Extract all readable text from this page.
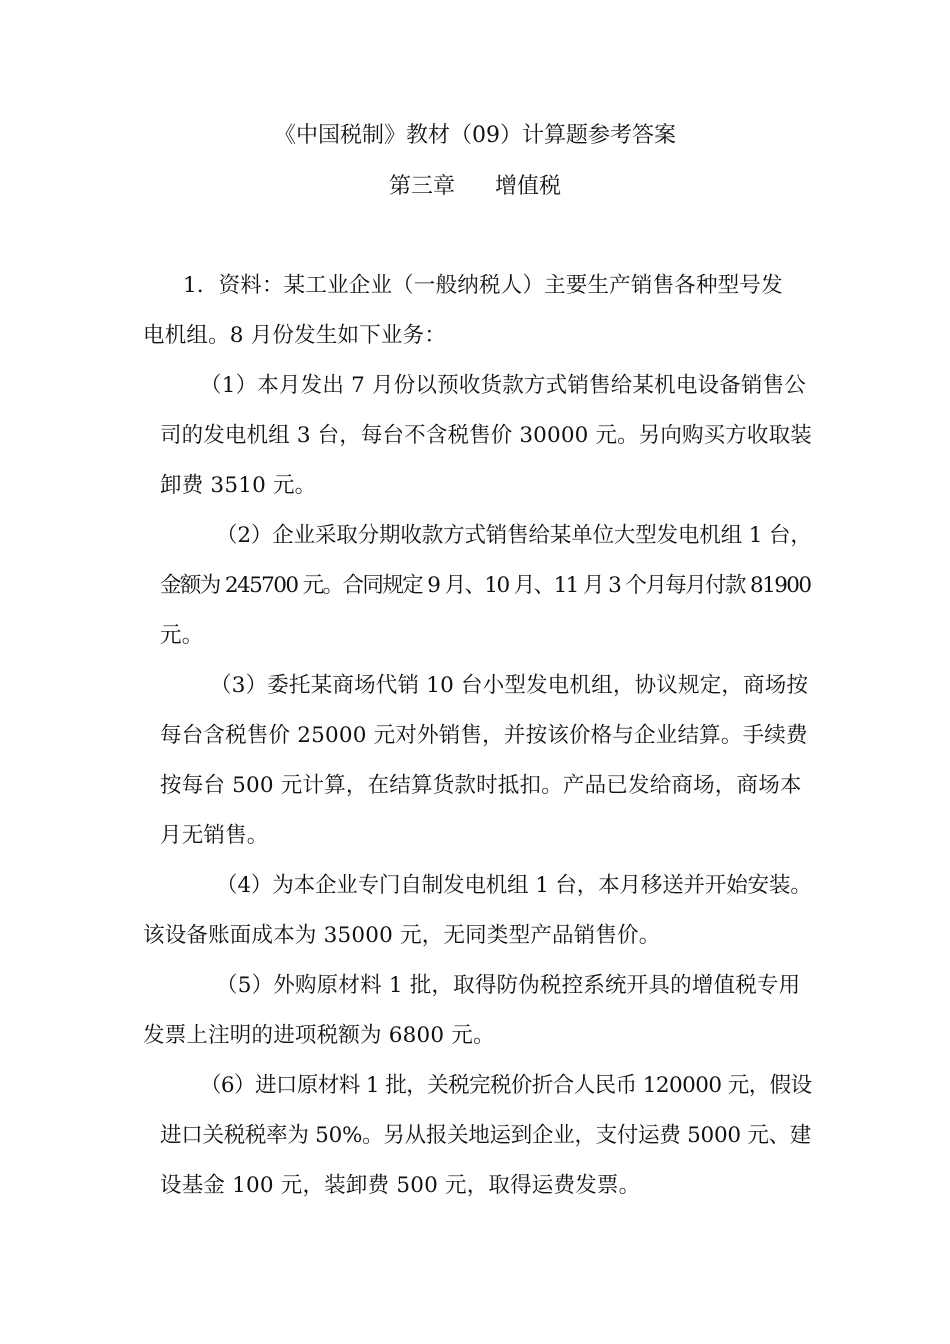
《中国税制》教材（09）计算题参考答案
第三章 增值税
1．资料：某工业企业（一般纳税人）主要生产销售各种型号发
电机组。8 月份发生如下业务：
（1）本月发出 7 月份以预收货款方式销售给某机电设备销售公
司的发电机组 3 台，每台不含税售价 30000 元。另向购买方收取装
卸费 3510 元。
（2）企业采取分期收款方式销售给某单位大型发电机组 1 台，
金额为 245700 元。合同规定 9 月、10 月、11 月 3 个月每月付款 81900
元。
（3）委托某商场代销 10 台小型发电机组，协议规定，商场按
每台含税售价 25000 元对外销售，并按该价格与企业结算。手续费
按每台 500 元计算，在结算货款时抵扣。产品已发给商场，商场本
月无销售。
（4）为本企业专门自制发电机组 1 台，本月移送并开始安装。
该设备账面成本为 35000 元，无同类型产品销售价。
（5）外购原材料 1 批，取得防伪税控系统开具的增值税专用
发票上注明的进项税额为 6800 元。
（6）进口原材料 1 批，关税完税价折合人民币 120000 元，假设
进口关税税率为 50%。另从报关地运到企业，支付运费 5000 元、建
设基金 100 元，装卸费 500 元，取得运费发票。
